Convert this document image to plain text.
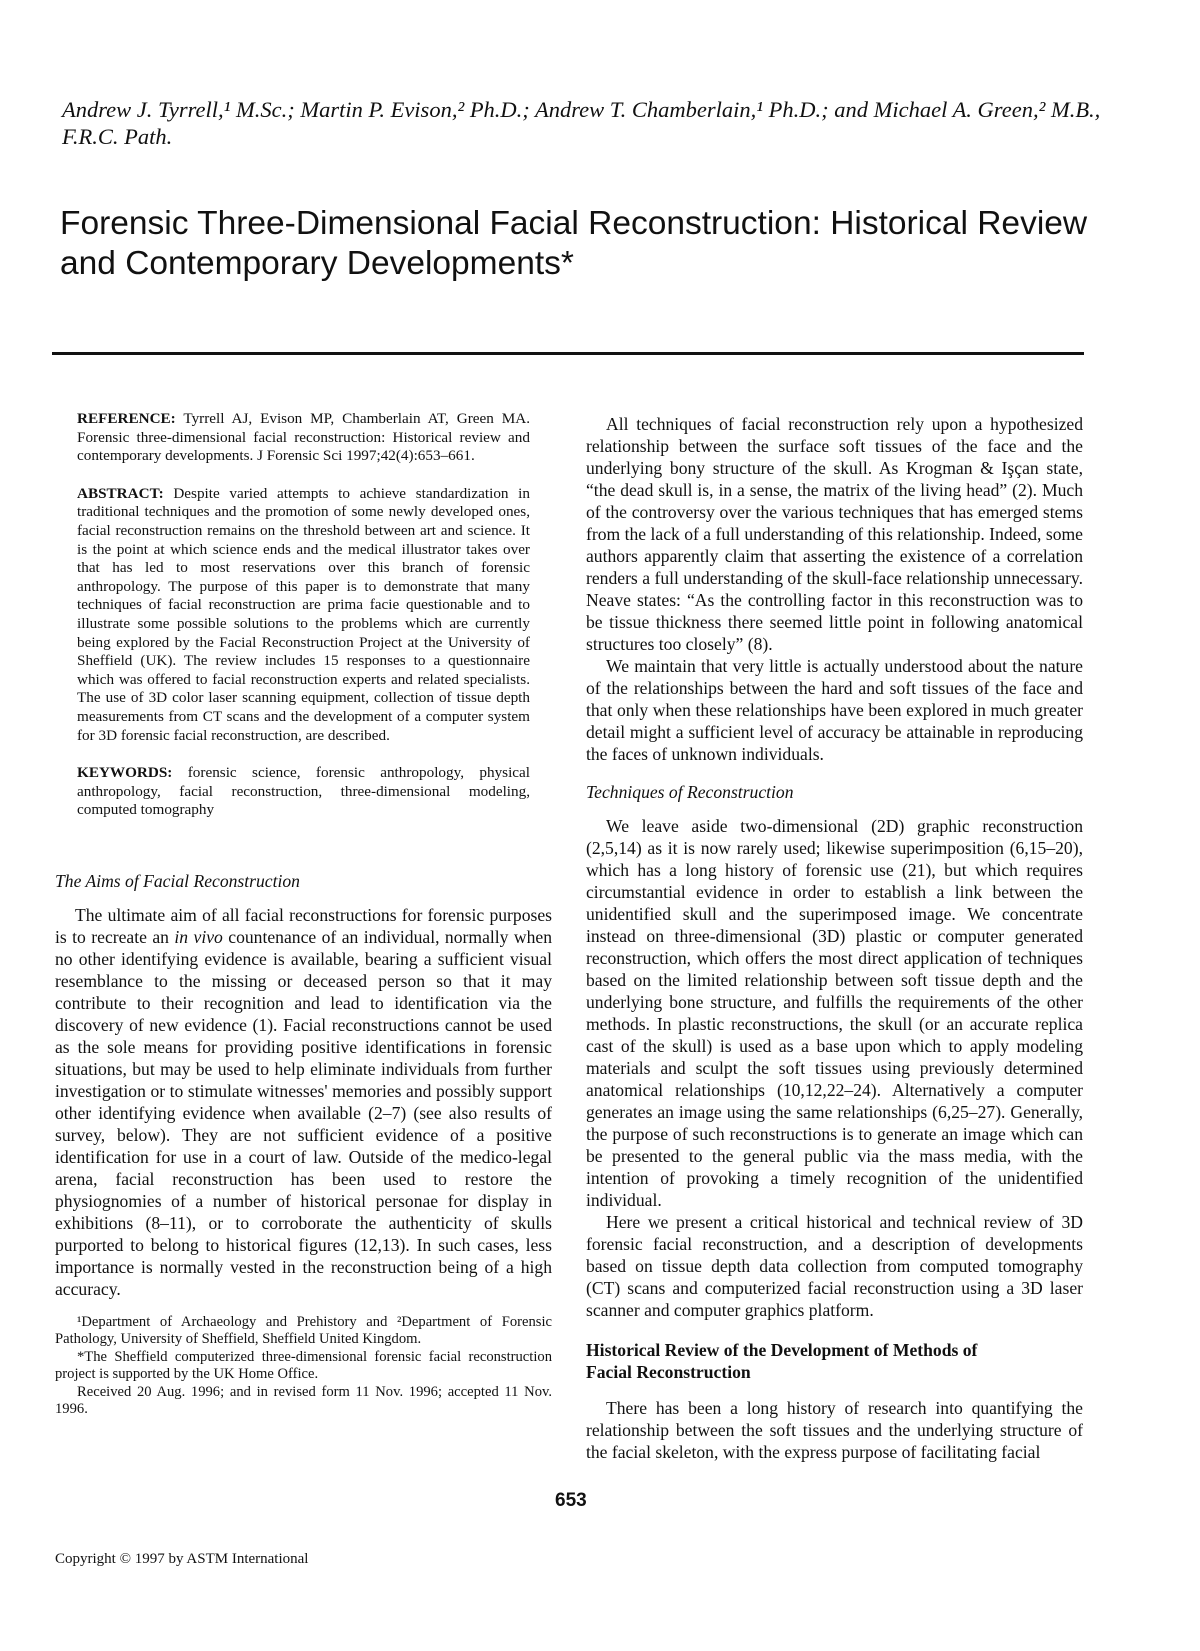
Andrew J. Tyrrell,¹ M.Sc.; Martin P. Evison,² Ph.D.; Andrew T. Chamberlain,¹ Ph.D.; and Michael A. Green,² M.B., F.R.C. Path.
Forensic Three-Dimensional Facial Reconstruction: Historical Review and Contemporary Developments*

REFERENCE: Tyrrell AJ, Evison MP, Chamberlain AT, Green MA. Forensic three-dimensional facial reconstruction: Historical review and contemporary developments. J Forensic Sci 1997;42(4):653–661.

ABSTRACT: Despite varied attempts to achieve standardization in traditional techniques and the promotion of some newly developed ones, facial reconstruction remains on the threshold between art and science. It is the point at which science ends and the medical illustrator takes over that has led to most reservations over this branch of forensic anthropology. The purpose of this paper is to demonstrate that many techniques of facial reconstruction are prima facie questionable and to illustrate some possible solutions to the problems which are currently being explored by the Facial Reconstruction Project at the University of Sheffield (UK). The review includes 15 responses to a questionnaire which was offered to facial reconstruction experts and related specialists. The use of 3D color laser scanning equipment, collection of tissue depth measurements from CT scans and the development of a computer system for 3D forensic facial reconstruction, are described.

KEYWORDS: forensic science, forensic anthropology, physical anthropology, facial reconstruction, three-dimensional modeling, computed tomography

The Aims of Facial Reconstruction

The ultimate aim of all facial reconstructions for forensic purposes is to recreate an in vivo countenance of an individual, normally when no other identifying evidence is available, bearing a sufficient visual resemblance to the missing or deceased person so that it may contribute to their recognition and lead to identification via the discovery of new evidence (1). Facial reconstructions cannot be used as the sole means for providing positive identifications in forensic situations, but may be used to help eliminate individuals from further investigation or to stimulate witnesses' memories and possibly support other identifying evidence when available (2–7) (see also results of survey, below). They are not sufficient evidence of a positive identification for use in a court of law. Outside of the medico-legal arena, facial reconstruction has been used to restore the physiognomies of a number of historical personae for display in exhibitions (8–11), or to corroborate the authenticity of skulls purported to belong to historical figures (12,13). In such cases, less importance is normally vested in the reconstruction being of a high accuracy.

¹Department of Archaeology and Prehistory and ²Department of Forensic Pathology, University of Sheffield, Sheffield United Kingdom.

*The Sheffield computerized three-dimensional forensic facial reconstruction project is supported by the UK Home Office.

Received 20 Aug. 1996; and in revised form 11 Nov. 1996; accepted 11 Nov. 1996.

All techniques of facial reconstruction rely upon a hypothesized relationship between the surface soft tissues of the face and the underlying bony structure of the skull. As Krogman & Işçan state, “the dead skull is, in a sense, the matrix of the living head” (2). Much of the controversy over the various techniques that has emerged stems from the lack of a full understanding of this relationship. Indeed, some authors apparently claim that asserting the existence of a correlation renders a full understanding of the skull-face relationship unnecessary. Neave states: “As the controlling factor in this reconstruction was to be tissue thickness there seemed little point in following anatomical structures too closely” (8).

We maintain that very little is actually understood about the nature of the relationships between the hard and soft tissues of the face and that only when these relationships have been explored in much greater detail might a sufficient level of accuracy be attainable in reproducing the faces of unknown individuals.

Techniques of Reconstruction

We leave aside two-dimensional (2D) graphic reconstruction (2,5,14) as it is now rarely used; likewise superimposition (6,15–20), which has a long history of forensic use (21), but which requires circumstantial evidence in order to establish a link between the unidentified skull and the superimposed image. We concentrate instead on three-dimensional (3D) plastic or computer generated reconstruction, which offers the most direct application of techniques based on the limited relationship between soft tissue depth and the underlying bone structure, and fulfills the requirements of the other methods. In plastic reconstructions, the skull (or an accurate replica cast of the skull) is used as a base upon which to apply modeling materials and sculpt the soft tissues using previously determined anatomical relationships (10,12,22–24). Alternatively a computer generates an image using the same relationships (6,25–27). Generally, the purpose of such reconstructions is to generate an image which can be presented to the general public via the mass media, with the intention of provoking a timely recognition of the unidentified individual.

Here we present a critical historical and technical review of 3D forensic facial reconstruction, and a description of developments based on tissue depth data collection from computed tomography (CT) scans and computerized facial reconstruction using a 3D laser scanner and computer graphics platform.

Historical Review of the Development of Methods of Facial Reconstruction

There has been a long history of research into quantifying the relationship between the soft tissues and the underlying structure of the facial skeleton, with the express purpose of facilitating facial

653
Copyright © 1997 by ASTM International
